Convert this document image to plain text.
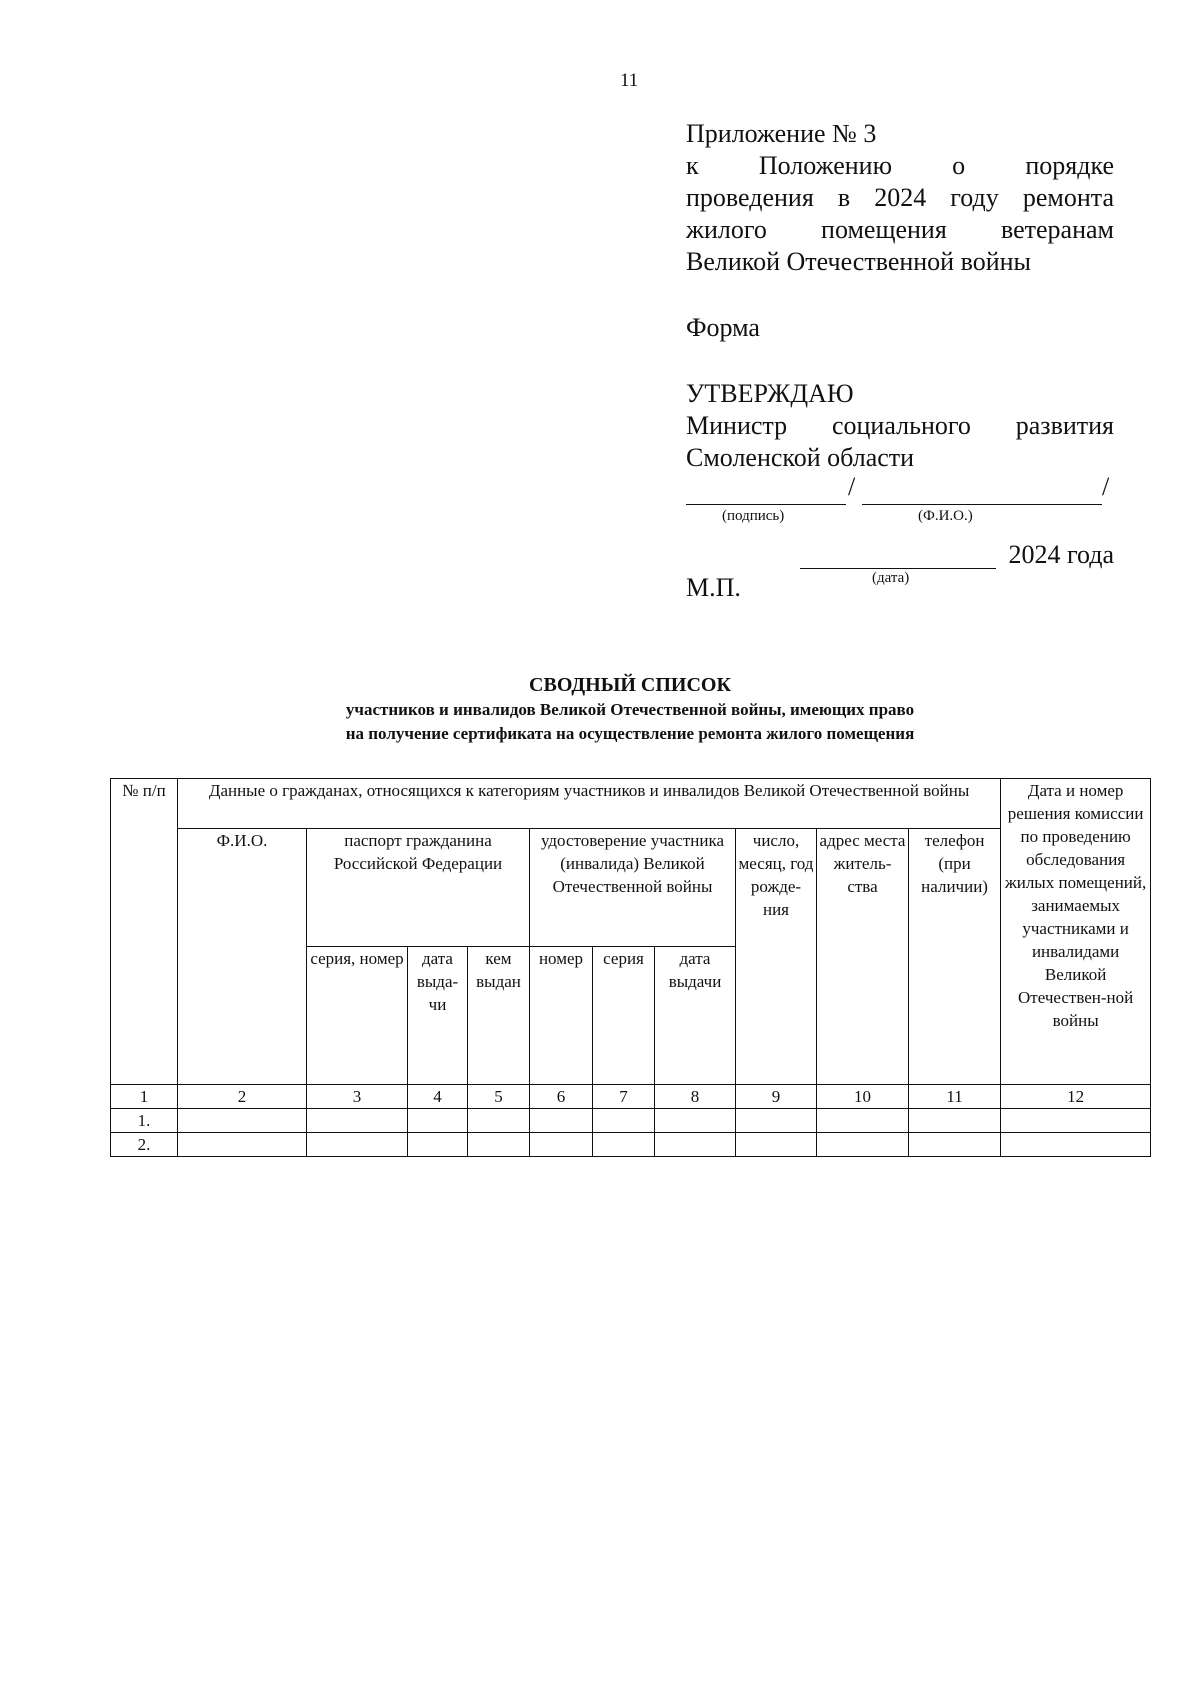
11
Приложение № 3
к Положению о порядке
проведения в 2024 году ремонта
жилого помещения ветеранам
Великой Отечественной войны
Форма
УТВЕРЖДАЮ
Министр социального развития
Смоленской области
/	/
(подпись)	(Ф.И.О.)
2024 года
(дата)
М.П.
СВОДНЫЙ СПИСОК
участников и инвалидов Великой Отечественной войны, имеющих право
на получение сертификата на осуществление ремонта жилого помещения
№ п/п	Данные о гражданах, относящихся к категориям участников и инвалидов Великой Отечественной войны										Дата и номер решения комиссии по проведению обследования жилых помещений, занимаемых участниками и инвалидами Великой Отечествен-ной войны
	Ф.И.О.	паспорт гражданина Российской Федерации			удостоверение участника (инвалида) Великой Отечественной войны			число, месяц, год рожде-ния	адрес места житель-ства	телефон (при наличии)	
		серия, номер	дата выда-чи	кем выдан	номер	серия	дата выдачи				
1	2	3	4	5	6	7	8	9	10	11	12
1.											
2.											
